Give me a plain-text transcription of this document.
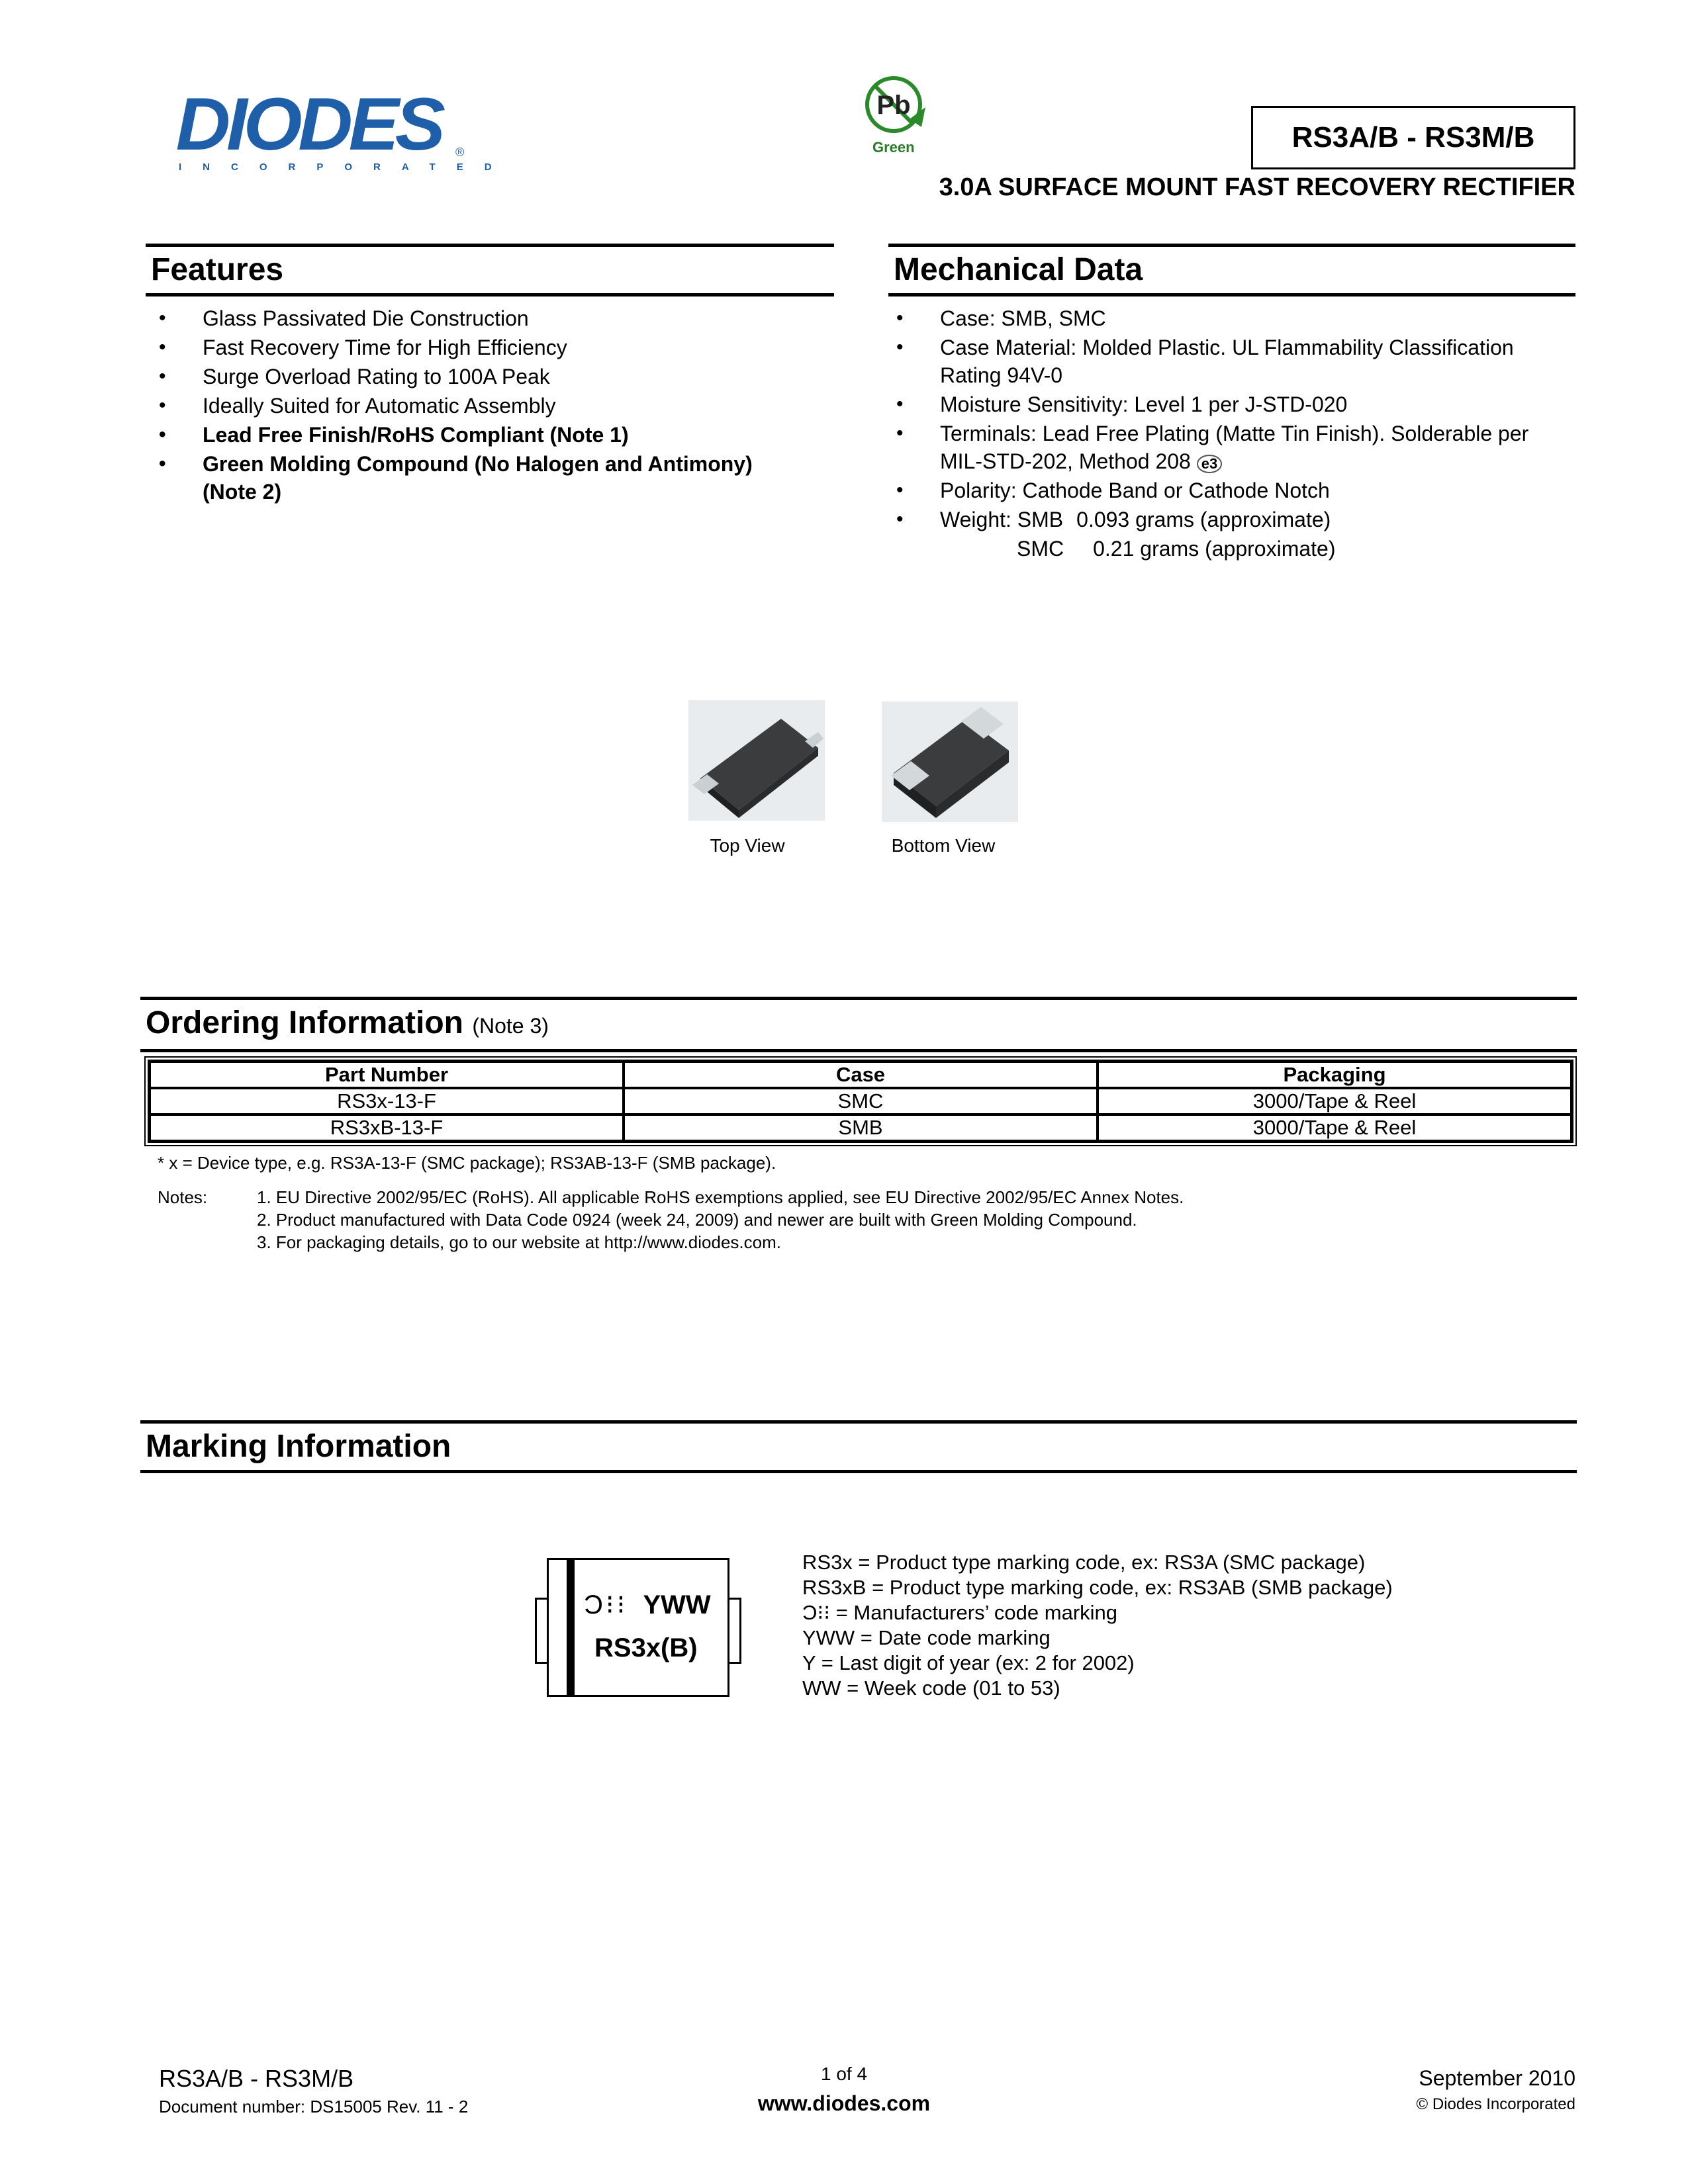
DIODES
INCORPORATED
®
Pb
Green	RS3A/B - RS3M/B
3.0A SURFACE MOUNT FAST RECOVERY RECTIFIER
Features
• Glass Passivated Die Construction
• Fast Recovery Time for High Efficiency
• Surge Overload Rating to 100A Peak
• Ideally Suited for Automatic Assembly
• Lead Free Finish/RoHS Compliant (Note 1)
• Green Molding Compound (No Halogen and Antimony)
(Note 2)
Mechanical Data
• Case: SMB, SMC
• Case Material: Molded Plastic. UL Flammability Classification Rating 94V-0
• Moisture Sensitivity: Level 1 per J-STD-020
• Terminals: Lead Free Plating (Matte Tin Finish). Solderable per MIL-STD-202, Method 208 e3
• Polarity: Cathode Band or Cathode Notch
• Weight: SMB 0.093 grams (approximate)
SMC 0.21 grams (approximate)
Top View	Bottom View
Ordering Information (Note 3)
Part Number	Case	Packaging
RS3x-13-F	SMC	3000/Tape & Reel
RS3xB-13-F	SMB	3000/Tape & Reel
* x = Device type, e.g. RS3A-13-F (SMC package); RS3AB-13-F (SMB package).
Notes:	1. EU Directive 2002/95/EC (RoHS). All applicable RoHS exemptions applied, see EU Directive 2002/95/EC Annex Notes.
2. Product manufactured with Data Code 0924 (week 24, 2009) and newer are built with Green Molding Compound.
3. For packaging details, go to our website at http://www.diodes.com.
Marking Information
Ͻ⁝⁝ YWW
RS3x(B)
RS3x = Product type marking code, ex: RS3A (SMC package)
RS3xB = Product type marking code, ex: RS3AB (SMB package)
Ͻ⁝⁝ = Manufacturers’ code marking
YWW = Date code marking
Y = Last digit of year (ex: 2 for 2002)
WW = Week code (01 to 53)
RS3A/B - RS3M/B
Document number: DS15005 Rev. 11 - 2
1 of 4
www.diodes.com
September 2010
© Diodes Incorporated
